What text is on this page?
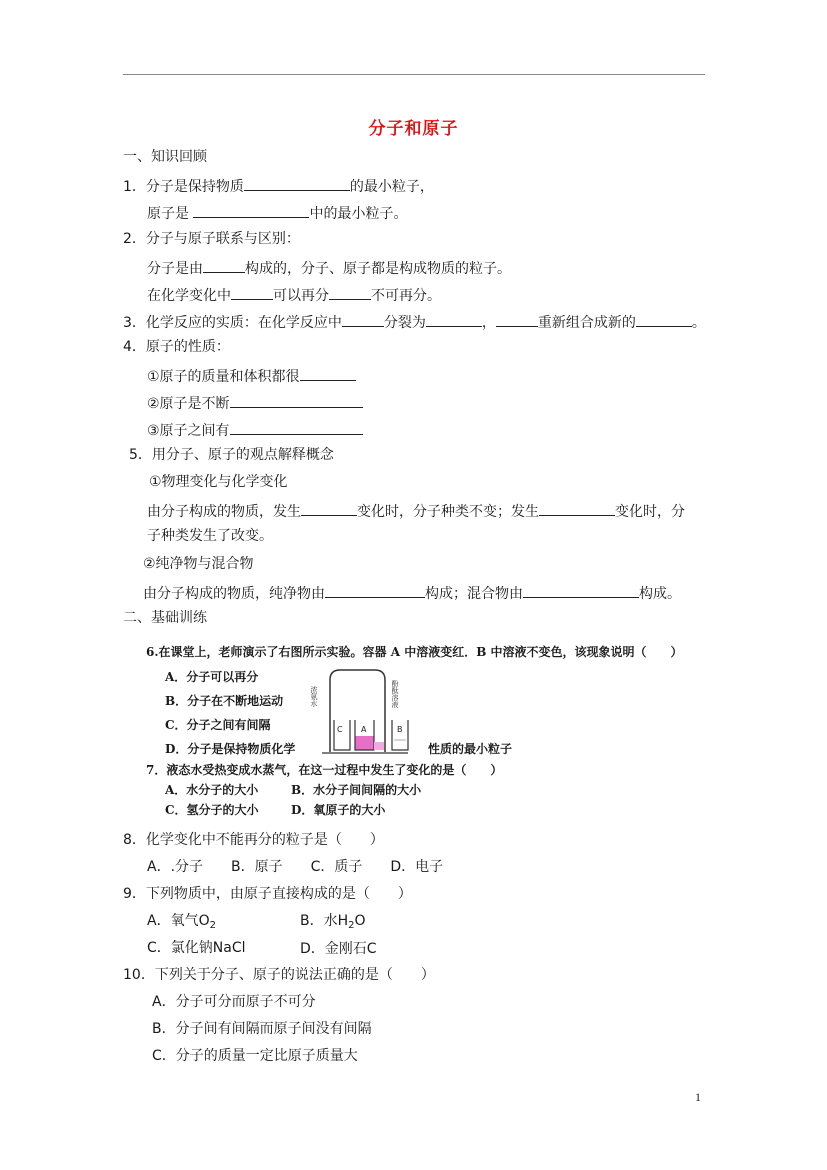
分子和原子
一、知识回顾
1．分子是保持物质	的最小粒子，
原子是	中的最小粒子。
2．分子与原子联系与区别：
分子是由	构成的，分子、原子都是构成物质的粒子。
在化学变化中	可以再分	不可再分。
3．化学反应的实质：在化学反应中	分裂为	，	重新组合成新的	。
4．原子的性质：
①原子的质量和体积都很
②原子是不断
③原子之间有
5．用分子、原子的观点解释概念
①物理变化与化学变化
由分子构成的物质，发生	变化时，分子种类不变；发生	变化时，分
子种类发生了改变。
②纯净物与混合物
由分子构成的物质，纯净物由	构成；混合物由	构成。
二、基础训练
6.在课堂上，老师演示了右图所示实验。容器 A 中溶液变红．B 中溶液不变色，该现象说明（　　）
A．分子可以再分
B．分子在不断地运动
C．分子之间有间隔
D．分子是保持物质化学	性质的最小粒子
C A	B
浓氨水	酚酞溶液
7．液态水受热变成水蒸气，在这一过程中发生了变化的是（　　）
A．水分子的大小	B．水分子间间隔的大小
C．氢分子的大小	D．氧原子的大小
8．化学变化中不能再分的粒子是（　　）
A．.分子　　B．原子　　C．质子　　D．电子
9．下列物质中，由原子直接构成的是（　　）
A．氧气$O_2$	B．水$H_2O$
C．氯化钠NaCl	D．金刚石C
10．下列关于分子、原子的说法正确的是（　　）
A．分子可分而原子不可分
B．分子间有间隔而原子间没有间隔
C．分子的质量一定比原子质量大
1
